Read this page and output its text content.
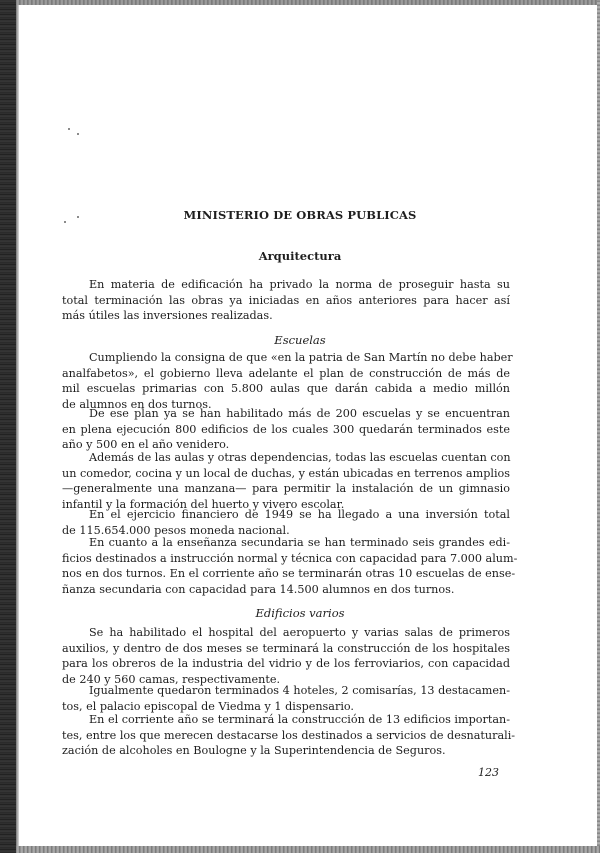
MINISTERIO DE OBRAS PUBLICAS
Arquitectura
En materia de edificación ha privado la norma de proseguir hasta su
total terminación las obras ya iniciadas en años anteriores para hacer así
más útiles las inversiones realizadas.
Escuelas
Cumpliendo la consigna de que «en la patria de San Martín no debe haber
analfabetos», el gobierno lleva adelante el plan de construcción de más de
mil escuelas primarias con 5.800 aulas que darán cabida a medio millón
de alumnos en dos turnos.
De ese plan ya se han habilitado más de 200 escuelas y se encuentran
en plena ejecución 800 edificios de los cuales 300 quedarán terminados este
año y 500 en el año venidero.
Además de las aulas y otras dependencias, todas las escuelas cuentan con
un comedor, cocina y un local de duchas, y están ubicadas en terrenos amplios
—generalmente una manzana— para permitir la instalación de un gimnasio
infantil y la formación del huerto y vivero escolar.
En el ejercicio financiero de 1949 se ha llegado a una inversión total
de 115.654.000 pesos moneda nacional.
En cuanto a la enseñanza secundaria se han terminado seis grandes edi-
ficios destinados a instrucción normal y técnica con capacidad para 7.000 alum-
nos en dos turnos. En el corriente año se terminarán otras 10 escuelas de ense-
ñanza secundaria con capacidad para 14.500 alumnos en dos turnos.
Edificios varios
Se ha habilitado el hospital del aeropuerto y varias salas de primeros
auxilios, y dentro de dos meses se terminará la construcción de los hospitales
para los obreros de la industria del vidrio y de los ferroviarios, con capacidad
de 240 y 560 camas, respectivamente.
Igualmente quedaron terminados 4 hoteles, 2 comisarías, 13 destacamen-
tos, el palacio episcopal de Viedma y 1 dispensario.
En el corriente año se terminará la construcción de 13 edificios importan-
tes, entre los que merecen destacarse los destinados a servicios de desnaturali-
zación de alcoholes en Boulogne y la Superintendencia de Seguros.
123
